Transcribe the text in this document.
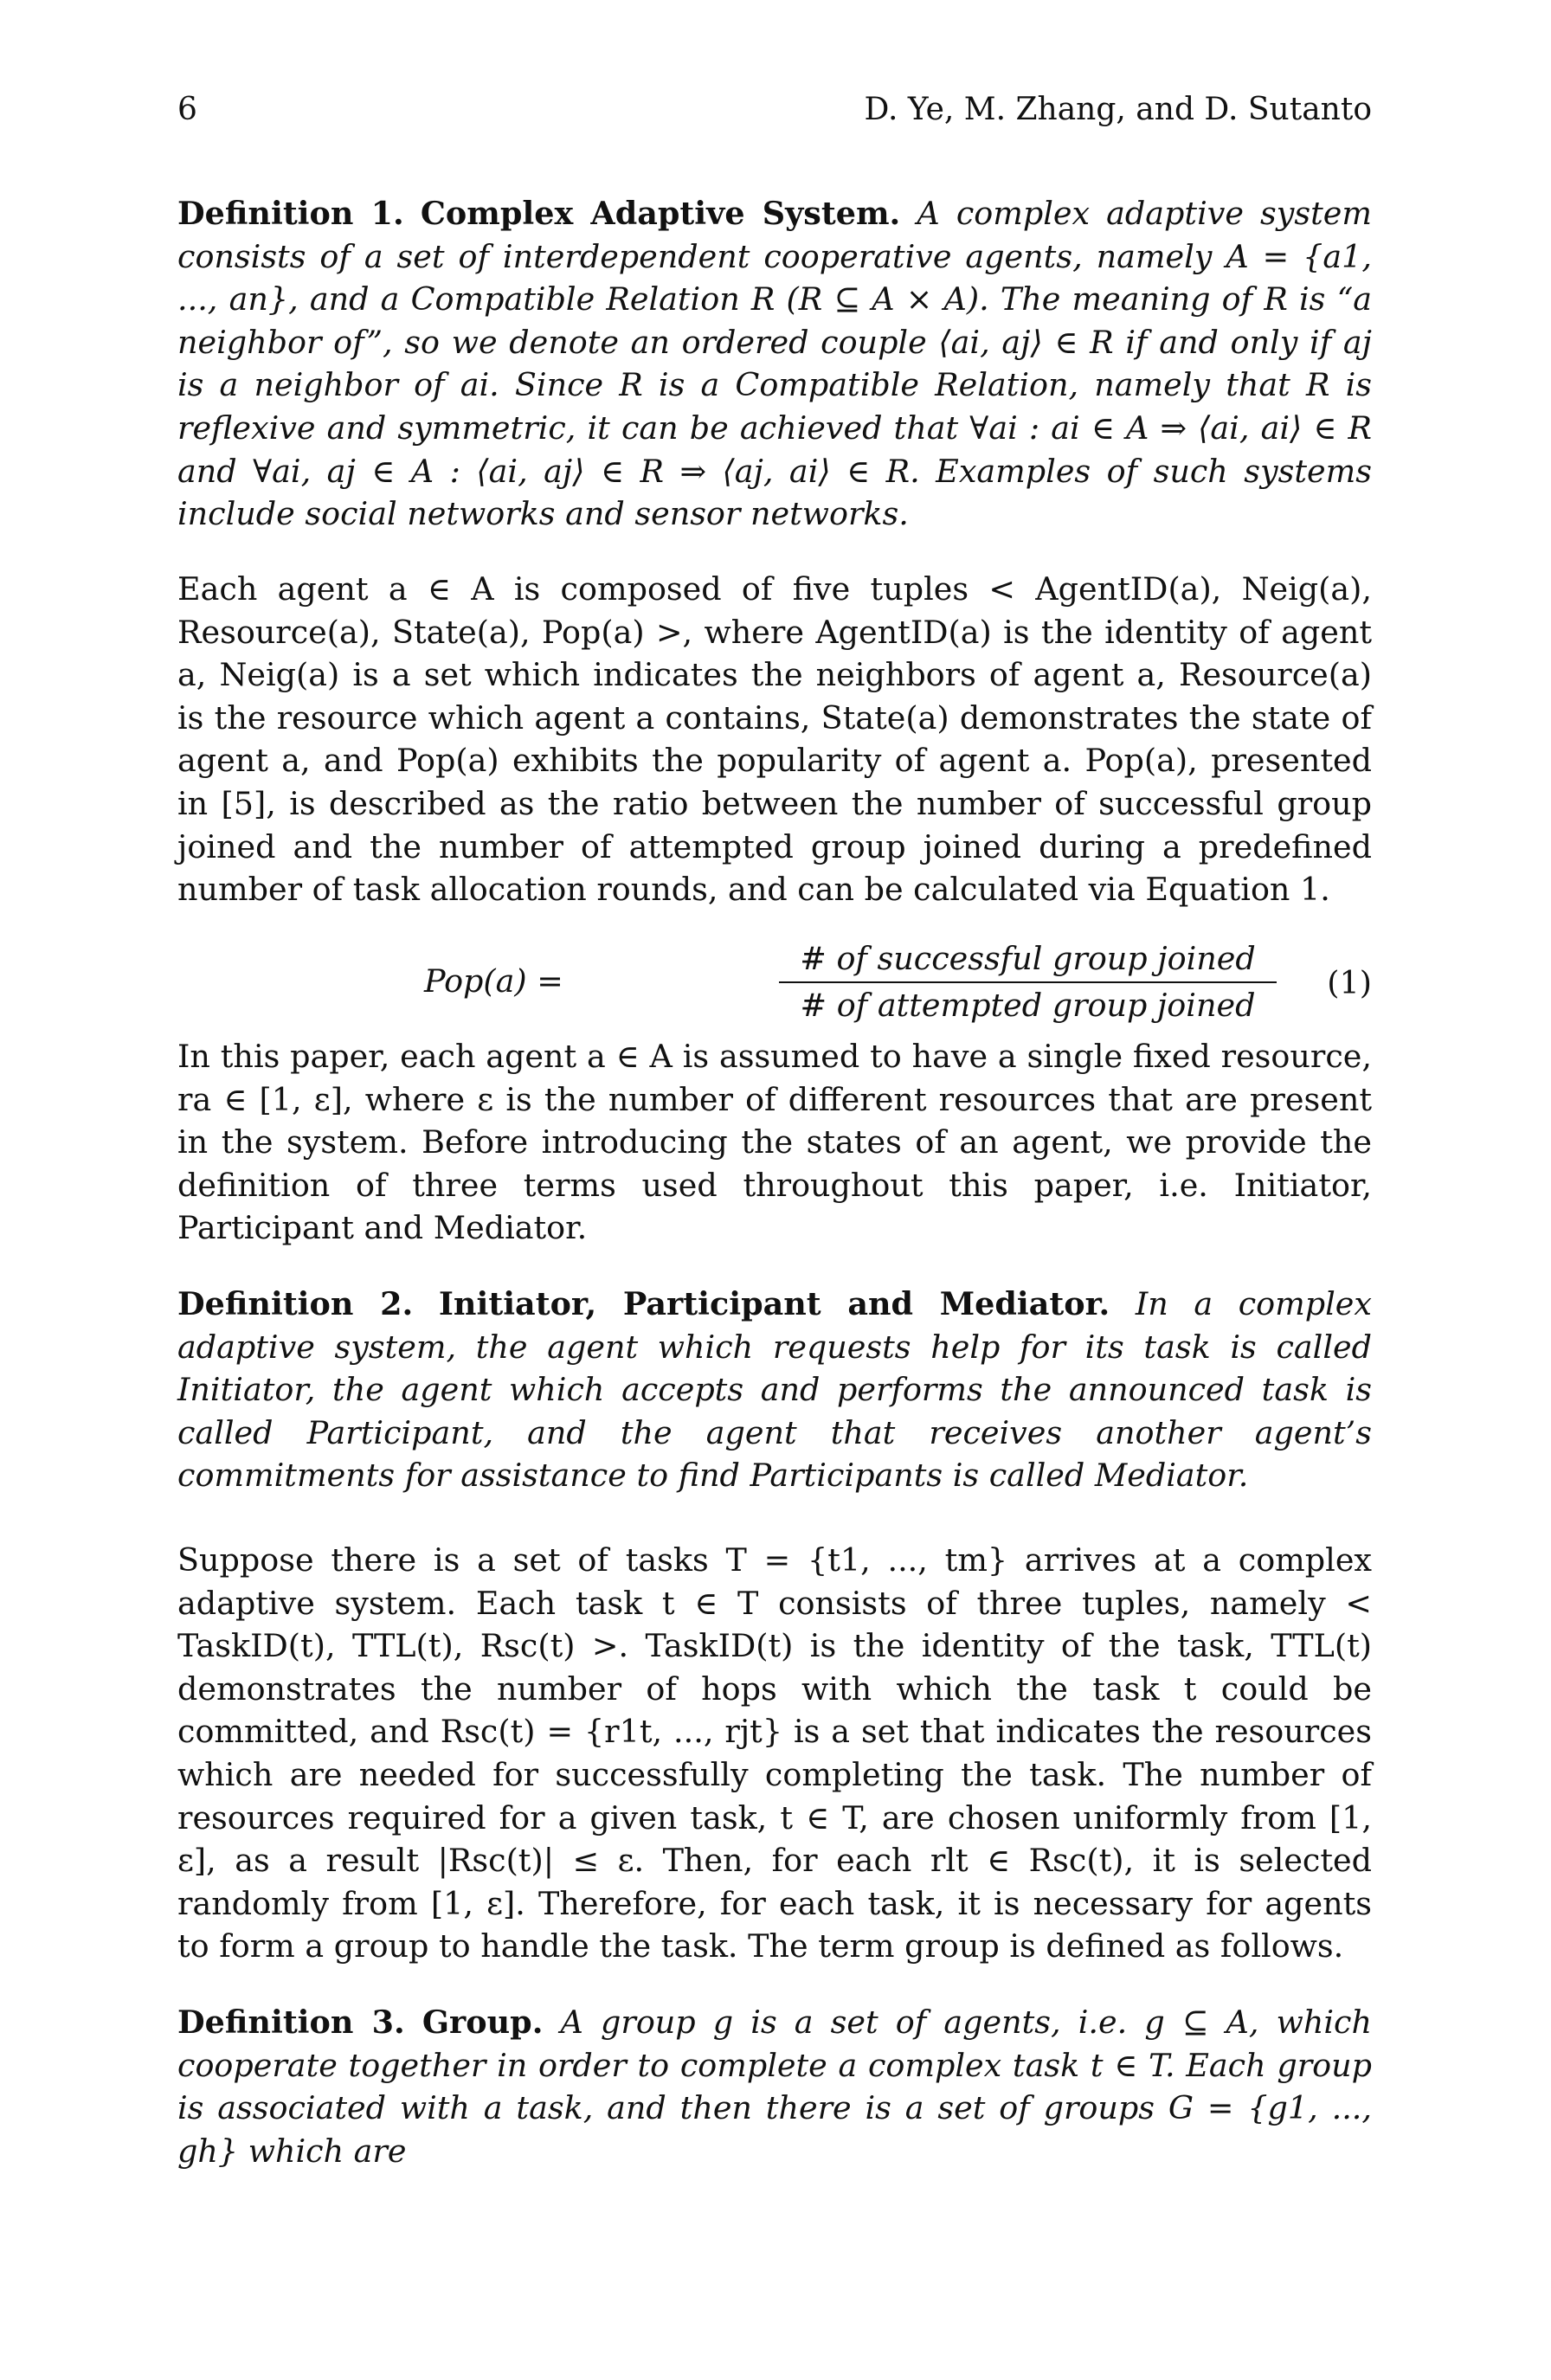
6	D. Ye, M. Zhang, and D. Sutanto

Definition 1. Complex Adaptive System. A complex adaptive system consists of a set of interdependent cooperative agents, namely A = {a1, ..., an}, and a Compatible Relation R (R ⊆ A × A). The meaning of R is “a neighbor of”, so we denote an ordered couple ⟨ai, aj⟩ ∈ R if and only if aj is a neighbor of ai. Since R is a Compatible Relation, namely that R is reflexive and symmetric, it can be achieved that ∀ai : ai ∈ A ⇒ ⟨ai, ai⟩ ∈ R and ∀ai, aj ∈ A : ⟨ai, aj⟩ ∈ R ⇒ ⟨aj, ai⟩ ∈ R. Examples of such systems include social networks and sensor networks.

Each agent a ∈ A is composed of five tuples < AgentID(a), Neig(a), Resource(a), State(a), Pop(a) >, where AgentID(a) is the identity of agent a, Neig(a) is a set which indicates the neighbors of agent a, Resource(a) is the resource which agent a contains, State(a) demonstrates the state of agent a, and Pop(a) exhibits the popularity of agent a. Pop(a), presented in [5], is described as the ratio between the number of successful group joined and the number of attempted group joined during a predefined number of task allocation rounds, and can be calculated via Equation 1.

Pop(a) =
# of successful group joined
# of attempted group joined
(1)

In this paper, each agent a ∈ A is assumed to have a single fixed resource, ra ∈ [1, ε], where ε is the number of different resources that are present in the system. Before introducing the states of an agent, we provide the definition of three terms used throughout this paper, i.e. Initiator, Participant and Mediator.

Definition 2. Initiator, Participant and Mediator. In a complex adaptive system, the agent which requests help for its task is called Initiator, the agent which accepts and performs the announced task is called Participant, and the agent that receives another agent’s commitments for assistance to find Participants is called Mediator.

Suppose there is a set of tasks T = {t1, ..., tm} arrives at a complex adaptive system. Each task t ∈ T consists of three tuples, namely < TaskID(t), TTL(t), Rsc(t) >. TaskID(t) is the identity of the task, TTL(t) demonstrates the number of hops with which the task t could be committed, and Rsc(t) = {r1t, ..., rjt} is a set that indicates the resources which are needed for successfully completing the task. The number of resources required for a given task, t ∈ T, are chosen uniformly from [1, ε], as a result |Rsc(t)| ≤ ε. Then, for each rlt ∈ Rsc(t), it is selected randomly from [1, ε]. Therefore, for each task, it is necessary for agents to form a group to handle the task. The term group is defined as follows.

Definition 3. Group. A group g is a set of agents, i.e. g ⊆ A, which cooperate together in order to complete a complex task t ∈ T. Each group is associated with a task, and then there is a set of groups G = {g1, ..., gh} which are
